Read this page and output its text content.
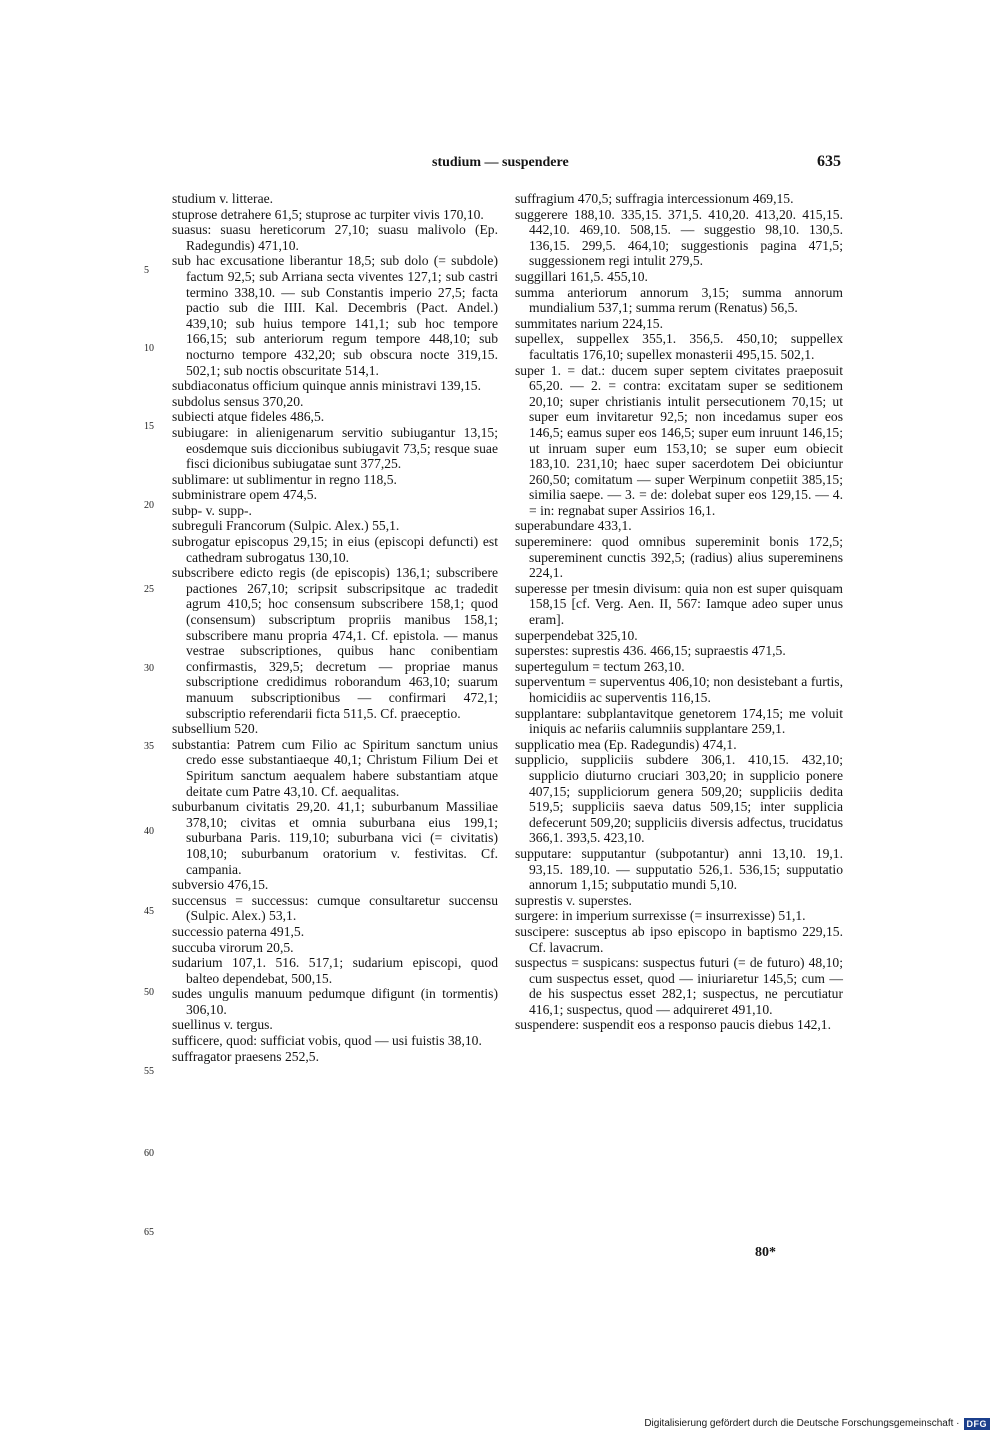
studium — suspendere	635
5
10
15
20
25
30
35
40
45
50
55
60
65
studium v. litterae.
stuprose detrahere 61,5; stuprose ac turpiter vivis 170,10.
suasus: suasu hereticorum 27,10; suasu malivolo (Ep. Radegundis) 471,10.
sub hac excusatione liberantur 18,5; sub dolo (= subdole) factum 92,5; sub Arriana secta viventes 127,1; sub castri termino 338,10. — sub Constantis imperio 27,5; facta pactio sub die IIII. Kal. Decembris (Pact. Andel.) 439,10; sub huius tempore 141,1; sub hoc tempore 166,15; sub anteriorum regum tempore 448,10; sub nocturno tempore 432,20; sub obscura nocte 319,15. 502,1; sub noctis obscuritate 514,1.
subdiaconatus officium quinque annis ministravi 139,15.
subdolus sensus 370,20.
subiecti atque fideles 486,5.
subiugare: in alienigenarum servitio subiugantur 13,15; eosdemque suis diccionibus subiugavit 73,5; resque suae fisci dicionibus subiugatae sunt 377,25.
sublimare: ut sublimentur in regno 118,5.
subministrare opem 474,5.
subp- v. supp-.
subreguli Francorum (Sulpic. Alex.) 55,1.
subrogatur episcopus 29,15; in eius (episcopi defuncti) est cathedram subrogatus 130,10.
subscribere edicto regis (de episcopis) 136,1; subscribere pactiones 267,10; scripsit subscripsitque ac tradedit agrum 410,5; hoc consensum subscribere 158,1; quod (consensum) subscriptum propriis manibus 158,1; subscribere manu propria 474,1. Cf. epistola. — manus vestrae subscriptiones, quibus hanc conibentiam confirmastis, 329,5; decretum — propriae manus subscriptione credidimus roborandum 463,10; suarum manuum subscriptionibus — confirmari 472,1; subscriptio referendarii ficta 511,5. Cf. praeceptio.
subsellium 520.
substantia: Patrem cum Filio ac Spiritum sanctum unius credo esse substantiaeque 40,1; Christum Filium Dei et Spiritum sanctum aequalem habere substantiam atque deitate cum Patre 43,10. Cf. aequalitas.
suburbanum civitatis 29,20. 41,1; suburbanum Massiliae 378,10; civitas et omnia suburbana eius 199,1; suburbana Paris. 119,10; suburbana vici (= civitatis) 108,10; suburbanum oratorium v. festivitas. Cf. campania.
subversio 476,15.
succensus = successus: cumque consultaretur succensu (Sulpic. Alex.) 53,1.
successio paterna 491,5.
succuba virorum 20,5.
sudarium 107,1. 516. 517,1; sudarium episcopi, quod balteo dependebat, 500,15.
sudes ungulis manuum pedumque difigunt (in tormentis) 306,10.
suellinus v. tergus.
sufficere, quod: sufficiat vobis, quod — usi fuistis 38,10.
suffragator praesens 252,5.
suffragium 470,5; suffragia intercessionum 469,15.
suggerere 188,10. 335,15. 371,5. 410,20. 413,20. 415,15. 442,10. 469,10. 508,15. — suggestio 98,10. 130,5. 136,15. 299,5. 464,10; suggestionis pagina 471,5; suggessionem regi intulit 279,5.
suggillari 161,5. 455,10.
summa anteriorum annorum 3,15; summa annorum mundialium 537,1; summa rerum (Renatus) 56,5.
summitates narium 224,15.
supellex, suppellex 355,1. 356,5. 450,10; suppellex facultatis 176,10; supellex monasterii 495,15. 502,1.
super 1. = dat.: ducem super septem civitates praeposuit 65,20. — 2. = contra: excitatam super se seditionem 20,10; super christianis intulit persecutionem 70,15; ut super eum invitaretur 92,5; non incedamus super eos 146,5; eamus super eos 146,5; super eum inruunt 146,15; ut inruam super eum 153,10; se super eum obiecit 183,10. 231,10; haec super sacerdotem Dei obiciuntur 260,50; comitatum — super Werpinum conpetiit 385,15; similia saepe. — 3. = de: dolebat super eos 129,15. — 4. = in: regnabat super Assirios 16,1.
superabundare 433,1.
supereminere: quod omnibus supereminit bonis 172,5; supereminent cunctis 392,5; (radius) alius supereminens 224,1.
superesse per tmesin divisum: quia non est super quisquam 158,15 [cf. Verg. Aen. II, 567: Iamque adeo super unus eram].
superpendebat 325,10.
superstes: suprestis 436. 466,15; supraestis 471,5.
supertegulum = tectum 263,10.
superventum = superventus 406,10; non desistebant a furtis, homicidiis ac superventis 116,15.
supplantare: subplantavitque genetorem 174,15; me voluit iniquis ac nefariis calumniis supplantare 259,1.
supplicatio mea (Ep. Radegundis) 474,1.
supplicio, suppliciis subdere 306,1. 410,15. 432,10; supplicio diuturno cruciari 303,20; in supplicio ponere 407,15; suppliciorum genera 509,20; suppliciis dedita 519,5; suppliciis saeva datus 509,15; inter supplicia defecerunt 509,20; suppliciis diversis adfectus, trucidatus 366,1. 393,5. 423,10.
supputare: supputantur (subpotantur) anni 13,10. 19,1. 93,15. 189,10. — supputatio 526,1. 536,15; supputatio annorum 1,15; subputatio mundi 5,10.
suprestis v. superstes.
surgere: in imperium surrexisse (= insurrexisse) 51,1.
suscipere: susceptus ab ipso episcopo in baptismo 229,15. Cf. lavacrum.
suspectus = suspicans: suspectus futuri (= de futuro) 48,10; cum suspectus esset, quod — iniuriaretur 145,5; cum — de his suspectus esset 282,1; suspectus, ne percutiatur 416,1; suspectus, quod — adquireret 491,10.
suspendere: suspendit eos a responso paucis diebus 142,1.
80*
Digitalisierung gefördert durch die Deutsche Forschungsgemeinschaft · DFG
